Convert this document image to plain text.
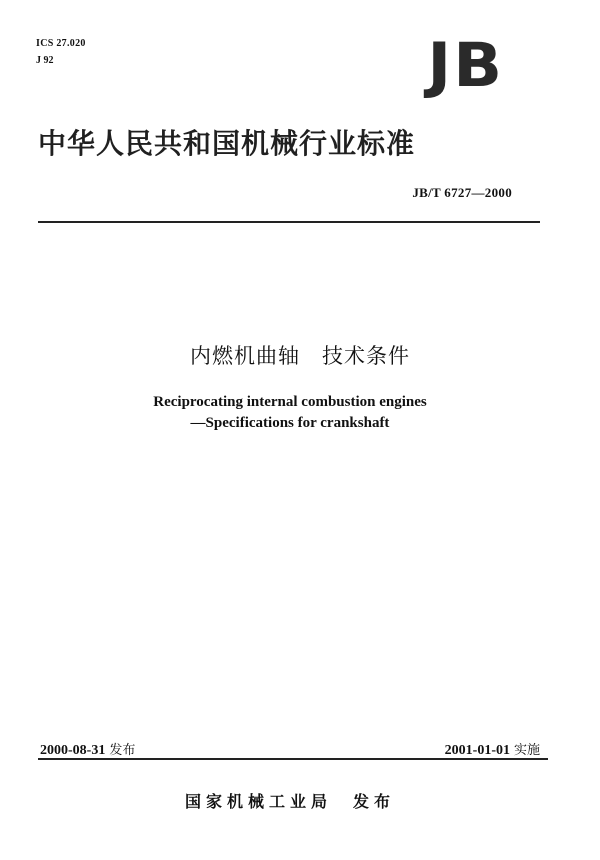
ICS 27.020
J 92	JB
中华人民共和国机械行业标准
JB/T 6727—2000
内燃机曲轴　技术条件
Reciprocating internal combustion engines
—Specifications for crankshaft
2000-08-31 发布	2001-01-01 实施
国家机械工业局　发布
